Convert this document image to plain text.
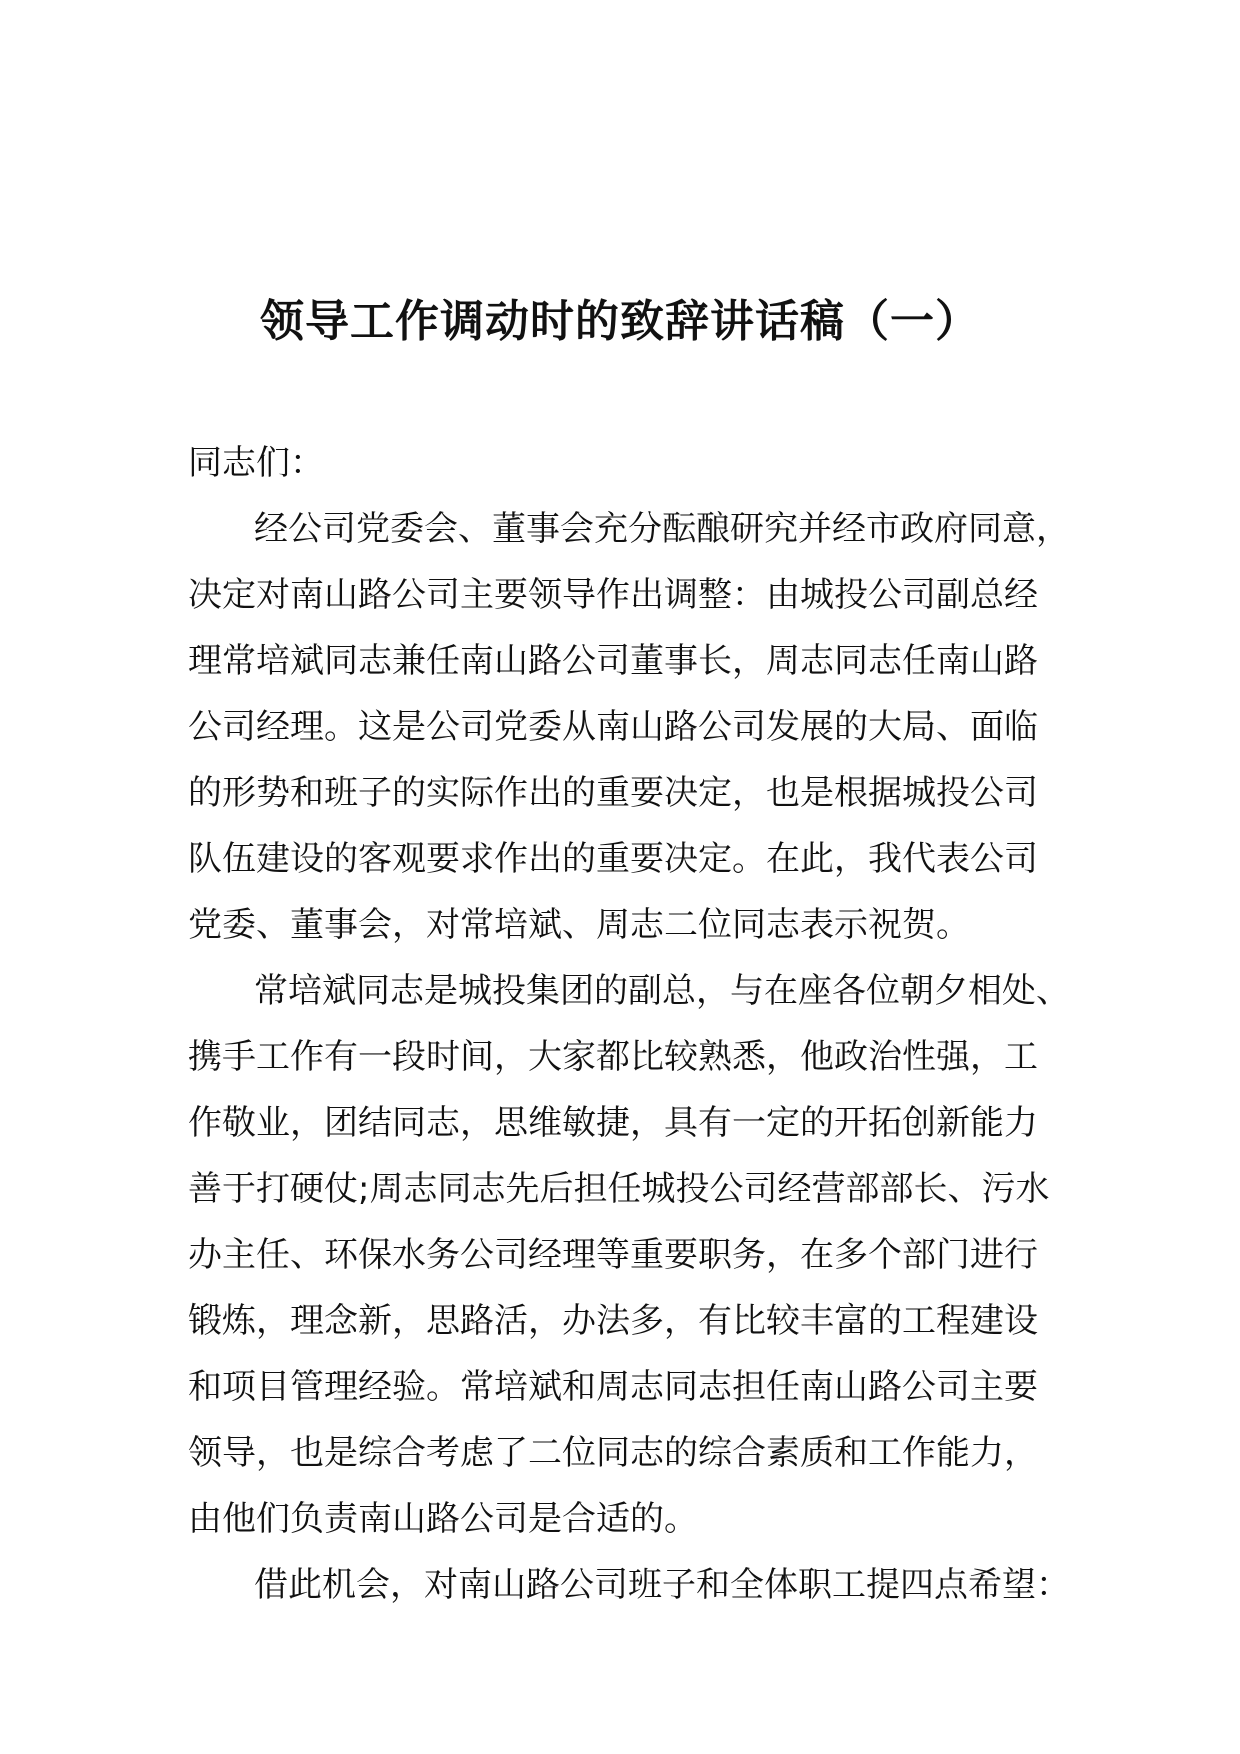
领导工作调动时的致辞讲话稿（一）
同志们：
经公司党委会、董事会充分酝酿研究并经市政府同意，
决定对南山路公司主要领导作出调整：由城投公司副总经
理常培斌同志兼任南山路公司董事长，周志同志任南山路
公司经理。这是公司党委从南山路公司发展的大局、面临
的形势和班子的实际作出的重要决定，也是根据城投公司
队伍建设的客观要求作出的重要决定。在此，我代表公司
党委、董事会，对常培斌、周志二位同志表示祝贺。
常培斌同志是城投集团的副总，与在座各位朝夕相处、
携手工作有一段时间，大家都比较熟悉，他政治性强，工
作敬业，团结同志，思维敏捷，具有一定的开拓创新能力
善于打硬仗;周志同志先后担任城投公司经营部部长、污水
办主任、环保水务公司经理等重要职务，在多个部门进行
锻炼，理念新，思路活，办法多，有比较丰富的工程建设
和项目管理经验。常培斌和周志同志担任南山路公司主要
领导，也是综合考虑了二位同志的综合素质和工作能力，
由他们负责南山路公司是合适的。
借此机会，对南山路公司班子和全体职工提四点希望：
